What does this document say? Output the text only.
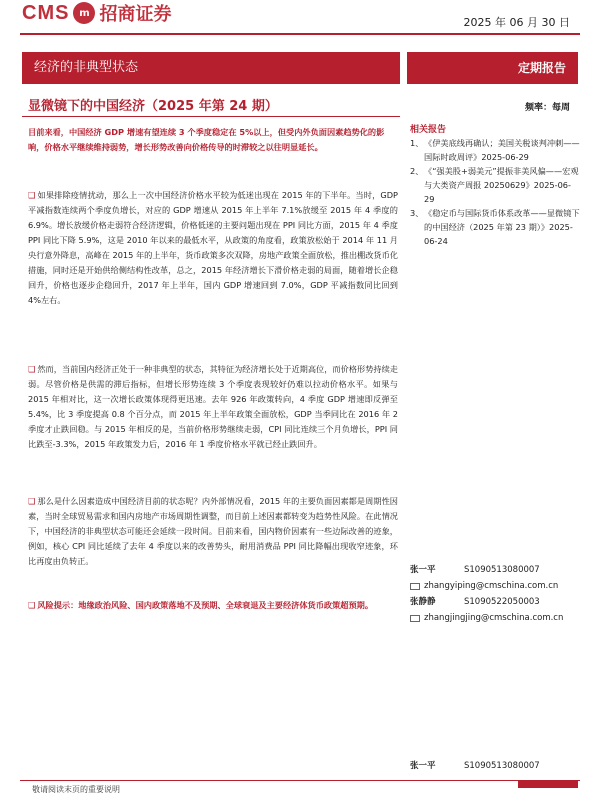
CMS m 招商证券	2025 年 06 月 30 日
经济的非典型状态	定期报告
显微镜下的中国经济（2025 年第 24 期）	频率：每周
目前来看，中国经济 GDP 增速有望连续 3 个季度稳定在 5%以上，但受内外负面因素趋势化的影响，价格水平继续维持弱势，增长形势改善向价格传导的时滞较之以往明显延长。
❑ 如果排除疫情扰动，那么上一次中国经济价格水平较为低迷出现在 2015 年的下半年。当时，GDP 平减指数连续两个季度负增长，对应的 GDP 增速从 2015 年上半年 7.1%放缓至 2015 年 4 季度的 6.9%。增长放缓价格走弱符合经济逻辑，价格低迷的主要问题出现在 PPI 同比方面，2015 年 4 季度 PPI 同比下降 5.9%，这是 2010 年以来的最低水平，从政策的角度看，政策放松始于 2014 年 11 月央行意外降息，高峰在 2015 年的上半年，货币政策多次双降，房地产政策全面放松，推出棚改货币化措施，同时还是开始供给侧结构性改革，总之，2015 年经济增长下滑价格走弱的局面，随着增长企稳回升，价格也逐步企稳回升，2017 年上半年，国内 GDP 增速回到 7.0%，GDP 平减指数同比回到 4%左右。
❑ 然而，当前国内经济正处于一种非典型的状态，其特征为经济增长处于近期高位，而价格形势持续走弱。尽管价格是供需的滞后指标，但增长形势连续 3 个季度表现较好仍难以拉动价格水平。如果与 2015 年相对比，这一次增长政策体现得更迅速。去年 926 年政策转向，4 季度 GDP 增速即反弹至 5.4%，比 3 季度提高 0.8 个百分点，而 2015 年上半年政策全面放松，GDP 当季同比在 2016 年 2 季度才止跌回稳。与 2015 年相反的是，当前价格形势继续走弱，CPI 同比连续三个月负增长，PPI 同比跌至-3.3%，2015 年政策发力后，2016 年 1 季度价格水平就已经止跌回升。
❑ 那么是什么因素造成中国经济目前的状态呢？内外部情况看，2015 年的主要负面因素都是周期性因素，当时全球贸易需求和国内房地产市场周期性调整，而目前上述因素都转变为趋势性风险。在此情况下，中国经济的非典型状态可能还会延续一段时间。目前来看，国内物价因素有一些边际改善的迹象，例如，核心 CPI 同比延续了去年 4 季度以来的改善势头，耐用消费品 PPI 同比降幅出现收窄迹象，环比再度由负转正。
❑ 风险提示：地缘政治风险、国内政策落地不及预期、全球衰退及主要经济体货币政策超预期。
相关报告
1、 《伊美底线再确认；美国关税谈判冲刺——国际时政周评》2025-06-29
2、 《“强美股+弱美元”提振非美风偏——宏观与大类资产周报 20250629》2025-06-29
3、 《稳定币与国际货币体系改革——显微镜下的中国经济（2025 年第 23 期）》2025-06-24
张一平	S1090513080007
zhangyiping@cmschina.com.cn
张静静	S1090522050003
zhangjingjing@cmschina.com.cn
张一平	S1090513080007
敬请阅读末页的重要说明
